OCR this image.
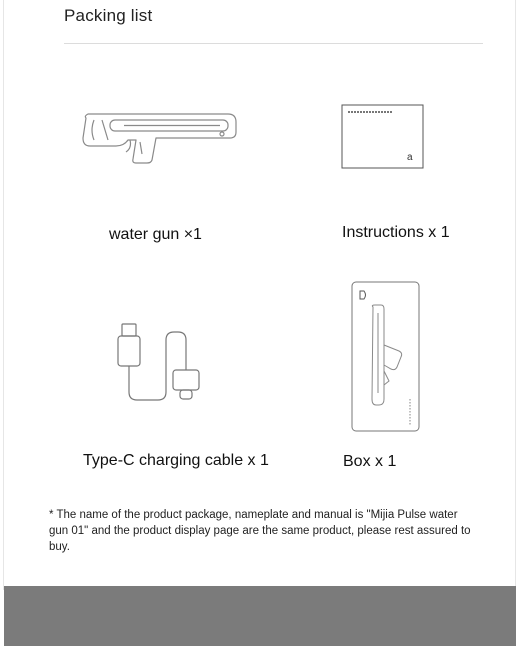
Packing list
water gun ×1
a
Instructions x 1
Type-C charging cable x 1	Box x 1
* The name of the product package, nameplate and manual is "Mijia Pulse water gun 01" and the product display page are the same product, please rest assured to buy.
